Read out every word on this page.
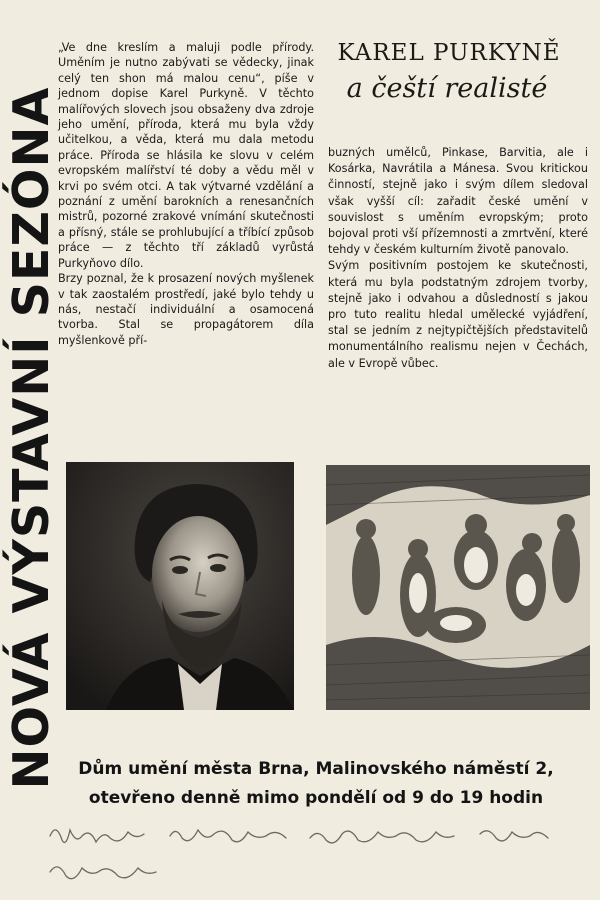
NOVÁ VÝSTAVNÍ SEZÓNA

„Ve dne kreslím a maluji podle přírody. Uměním je nutno zabývati se vědecky, jinak celý ten shon má malou cenu“, píše v jednom dopise Karel Purkyně. V těchto malířových slovech jsou obsaženy dva zdroje jeho umění, příroda, která mu byla vždy učitelkou, a věda, která mu dala metodu práce. Příroda se hlásila ke slovu v celém evropském malířství té doby a vědu měl v krvi po svém otci. A tak výtvarné vzdělání a poznání z umění barokních a renesančních mistrů, pozorné zrakové vnímání skutečnosti a přísný, stále se prohlubující a tříbící způsob práce — z těchto tří základů vyrůstá Purkyňovo dílo.

Brzy poznal, že k prosazení nových myšlenek v tak zaostalém prostředí, jaké bylo tehdy u nás, nestačí individuální a osamocená tvorba. Stal se propagátorem díla myšlenkově pří-

KAREL PURKYNĚ
a čeští realisté

buzných umělců, Pinkase, Barvitia, ale i Kosárka, Navrátila a Mánesa. Svou kritickou činností, stejně jako i svým dílem sledoval však vyšší cíl: zařadit české umění v souvislost s uměním evropským; proto bojoval proti vší přízemnosti a zmrtvění, které tehdy v českém kulturním životě panovalo.

Svým positivním postojem ke skutečnosti, která mu byla podstatným zdrojem tvorby, stejně jako i odvahou a důsledností s jakou pro tuto realitu hledal umělecké vyjádření, stal se jedním z nejtypičtějších představitelů monumentálního realismu nejen v Čechách, ale v Evropě vůbec.

Dům umění města Brna, Malinovského náměstí 2,
otevřeno denně mimo pondělí od 9 do 19 hodin
